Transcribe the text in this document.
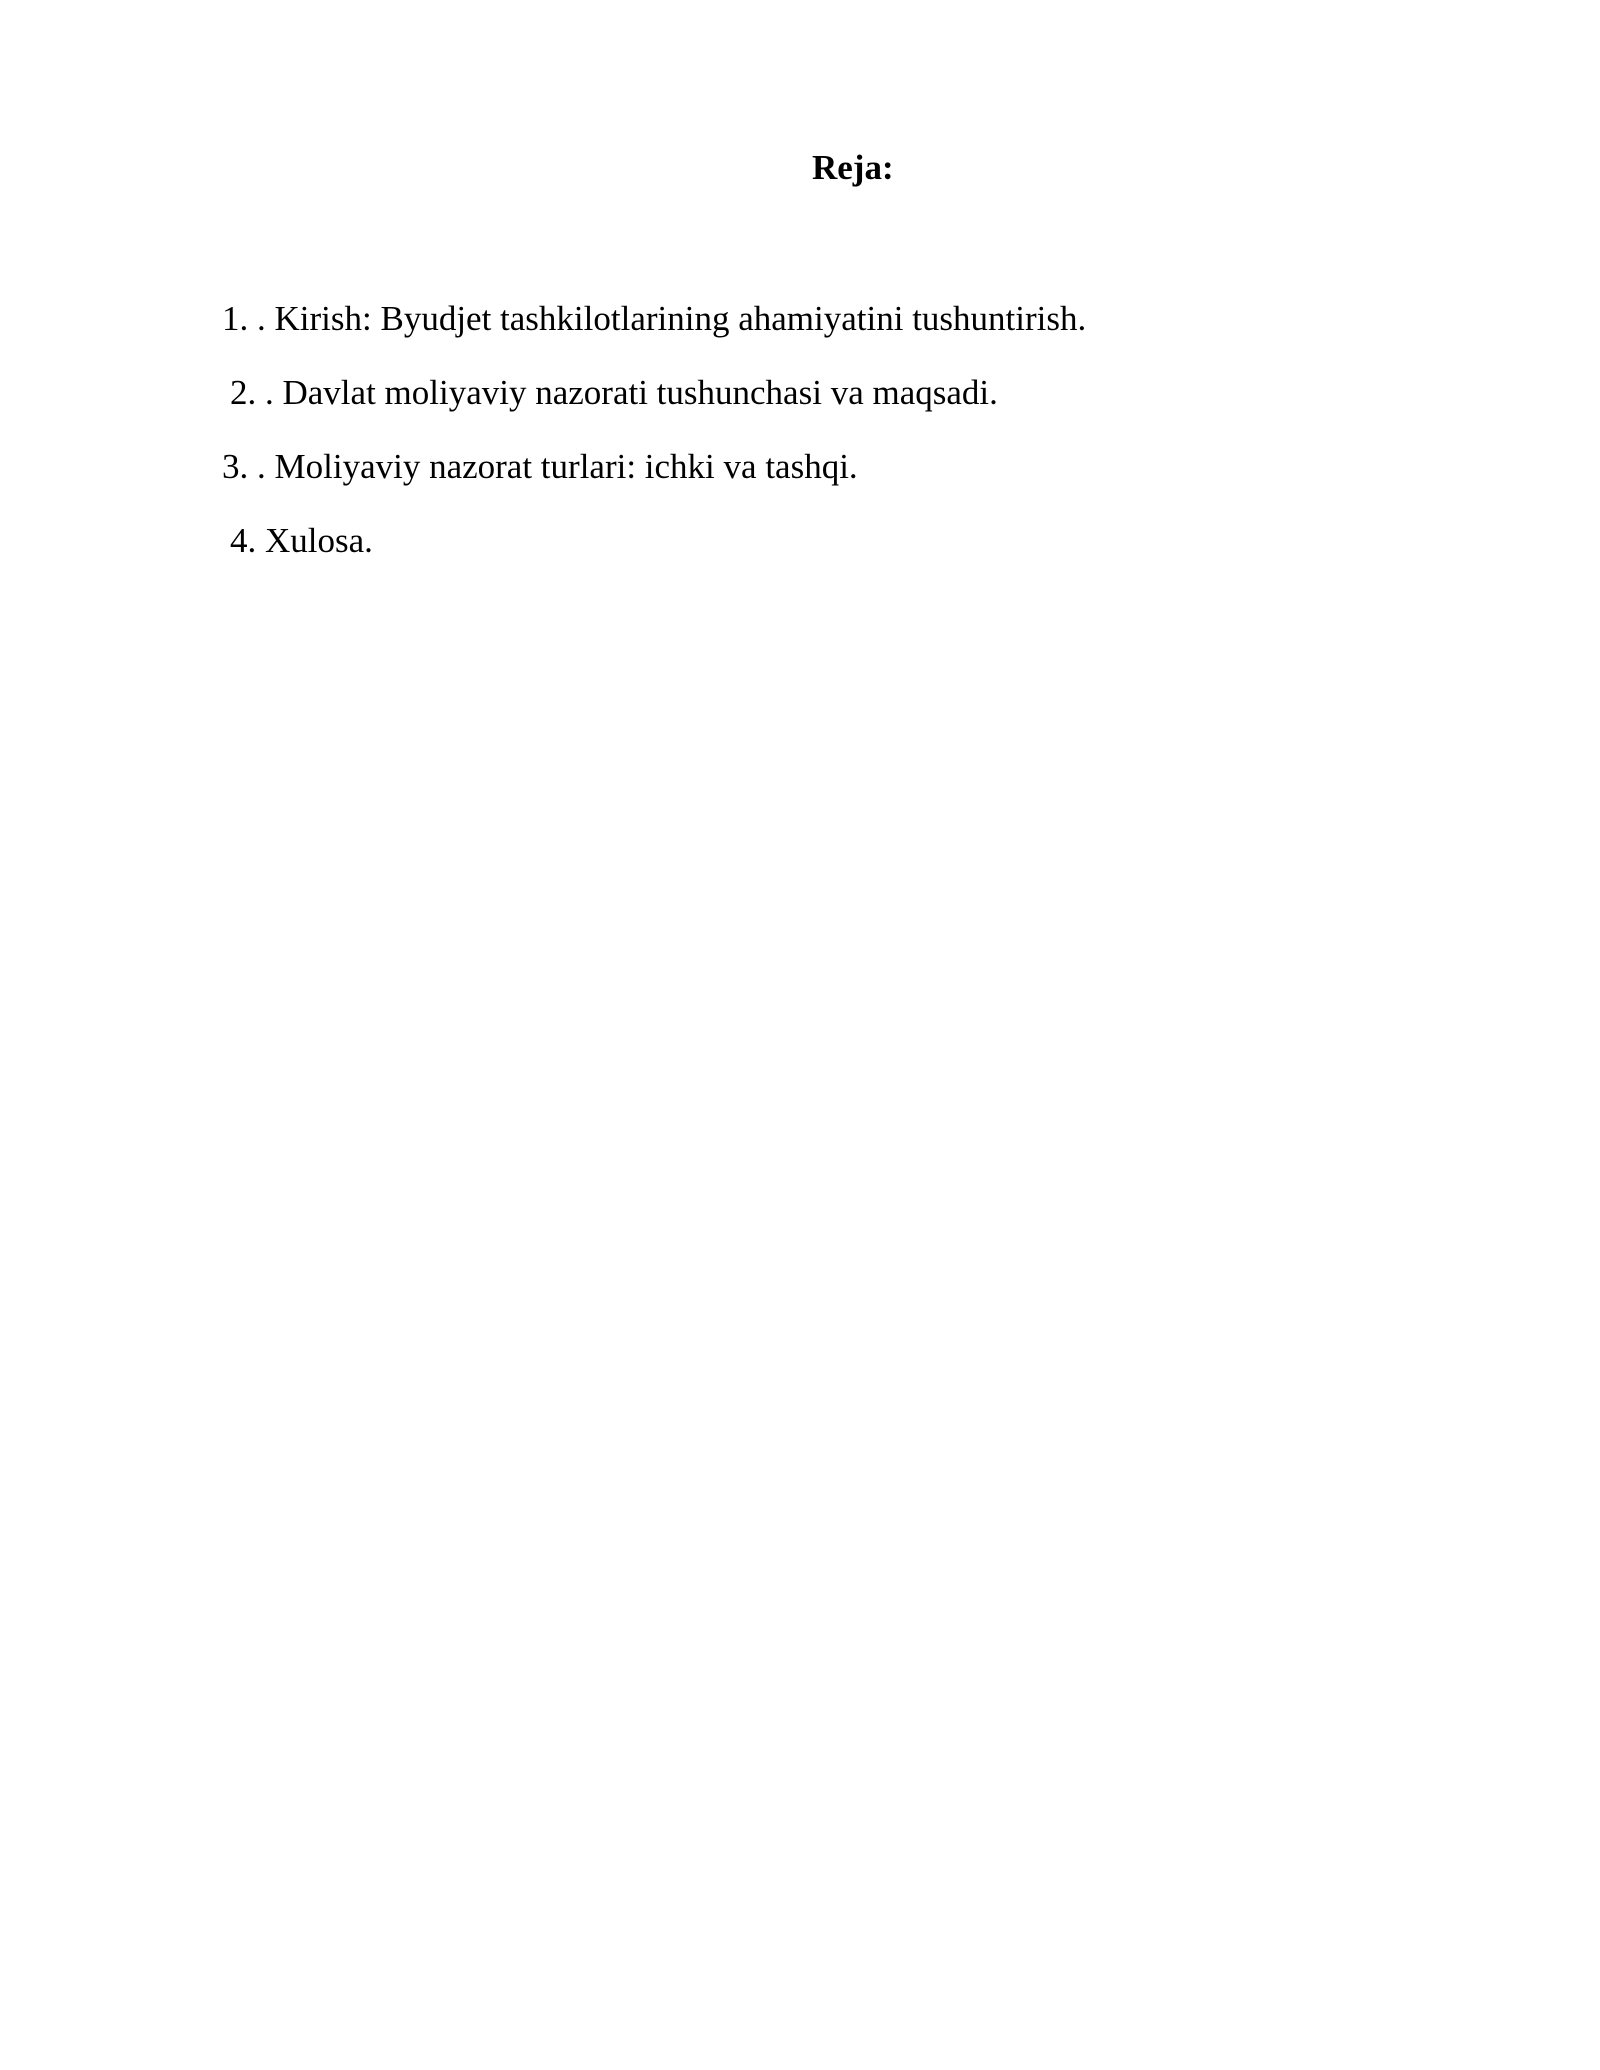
Reja:
1. . Kirish: Byudjet tashkilotlarining ahamiyatini tushuntirish.
2. . Davlat moliyaviy nazorati tushunchasi va maqsadi.
3. . Moliyaviy nazorat turlari: ichki va tashqi.
4. Xulosa.
